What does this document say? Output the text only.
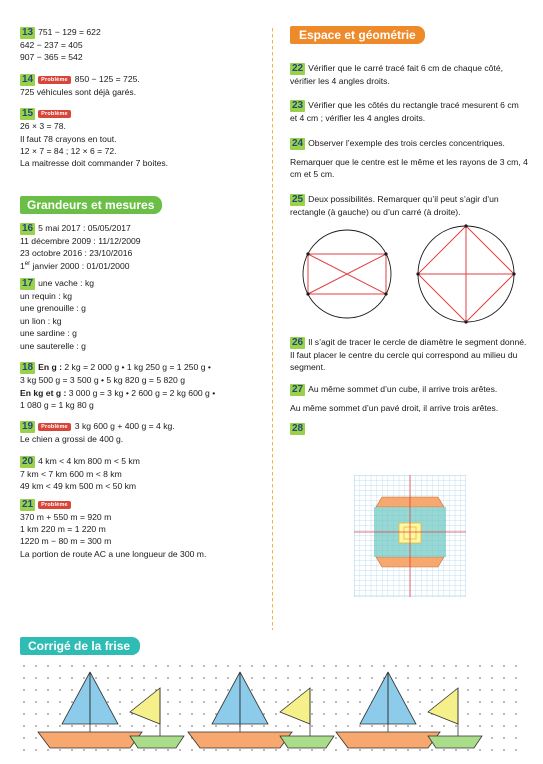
13 751 − 129 = 622
642 − 237 = 405
907 − 365 = 542
14 Problème 850 − 125 = 725.
725 véhicules sont déjà garés.
15 Problème
26 × 3 = 78.
Il faut 78 crayons en tout.
12 × 7 = 84 ; 12 × 6 = 72.
La maitresse doit commander 7 boites.
Grandeurs et mesures
16 5 mai 2017 : 05/05/2017
11 décembre 2009 : 11/12/2009
23 octobre 2016 : 23/10/2016
1er janvier 2000 : 01/01/2000
17 une vache : kg
un requin : kg
une grenouille : g
un lion : kg
une sardine : g
une sauterelle : g
18 En g : 2 kg = 2 000 g • 1 kg 250 g = 1 250 g •
3 kg 500 g = 3 500 g • 5 kg 820 g = 5 820 g
En kg et g : 3 000 g = 3 kg • 2 600 g = 2 kg 600 g •
1 080 g = 1 kg 80 g
19 Problème 3 kg 600 g + 400 g = 4 kg.
Le chien a grossi de 400 g.
20 4 km < 4 km 800 m < 5 km
7 km < 7 km 600 m < 8 km
49 km < 49 km 500 m < 50 km
21 Problème
370 m + 550 m = 920 m
1 km 220 m = 1 220 m
1220 m − 80 m = 300 m
La portion de route AC a une longueur de 300 m.
Espace et géométrie
22 Vérifier que le carré tracé fait 6 cm de chaque côté, vérifier les 4 angles droits.
23 Vérifier que les côtés du rectangle tracé mesurent 6 cm et 4 cm ; vérifier les 4 angles droits.
24 Observer l’exemple des trois cercles concentriques.
Remarquer que le centre est le même et les rayons de 3 cm, 4 cm et 5 cm.
25 Deux possibilités. Remarquer qu’il peut s’agir d’un rectangle (à gauche) ou d’un carré (à droite).
26 Il s’agit de tracer le cercle de diamètre le segment donné. Il faut placer le centre du cercle qui correspond au milieu du segment.
27 Au même sommet d’un cube, il arrive trois arêtes.
Au même sommet d’un pavé droit, il arrive trois arêtes.
28
Corrigé de la frise
